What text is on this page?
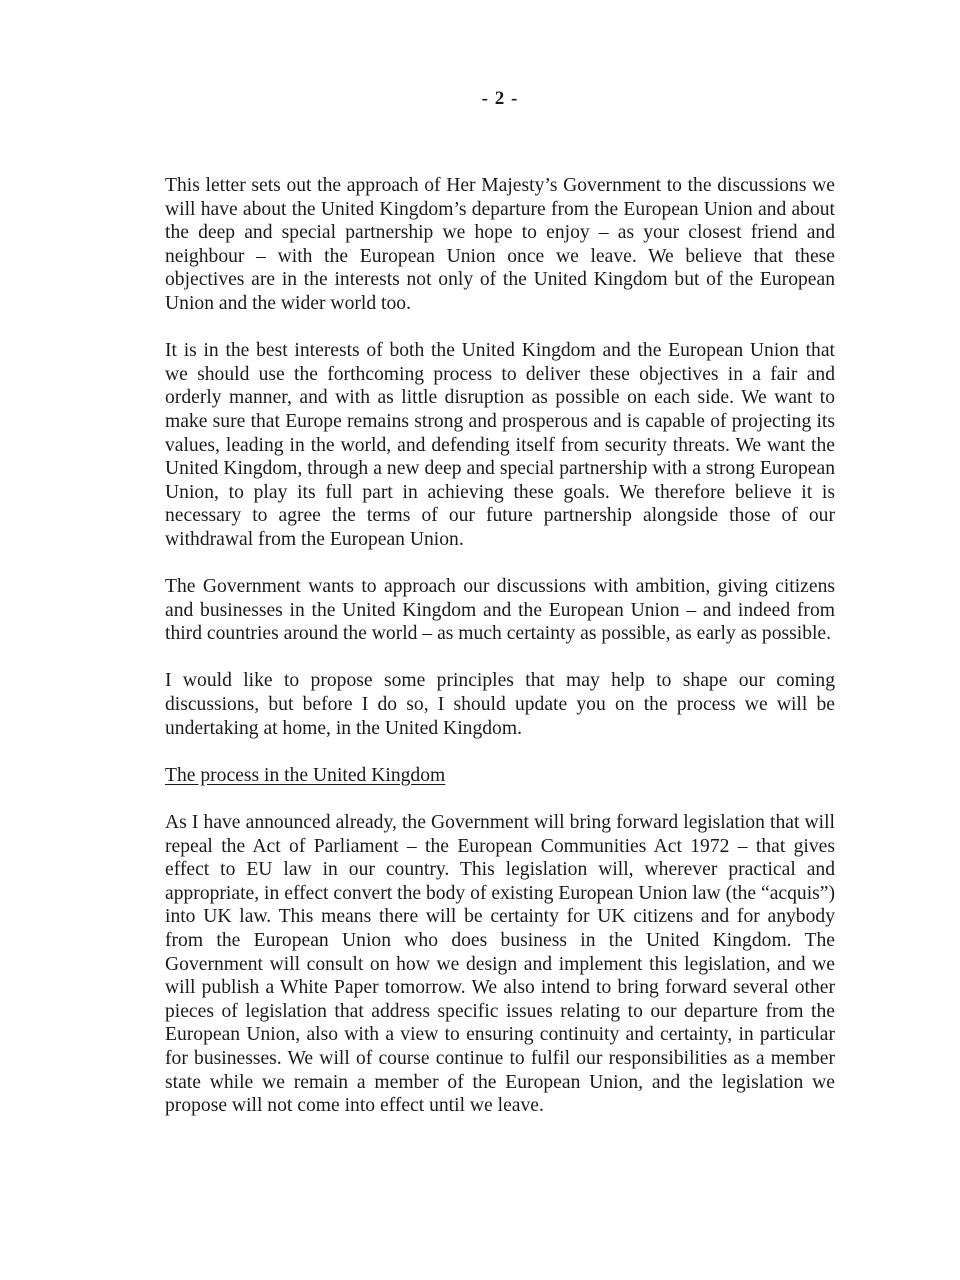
- 2 -

This letter sets out the approach of Her Majesty’s Government to the discussions we will have about the United Kingdom’s departure from the European Union and about the deep and special partnership we hope to enjoy – as your closest friend and neighbour – with the European Union once we leave. We believe that these objectives are in the interests not only of the United Kingdom but of the European Union and the wider world too.

It is in the best interests of both the United Kingdom and the European Union that we should use the forthcoming process to deliver these objectives in a fair and orderly manner, and with as little disruption as possible on each side. We want to make sure that Europe remains strong and prosperous and is capable of projecting its values, leading in the world, and defending itself from security threats. We want the United Kingdom, through a new deep and special partnership with a strong European Union, to play its full part in achieving these goals. We therefore believe it is necessary to agree the terms of our future partnership alongside those of our withdrawal from the European Union.

The Government wants to approach our discussions with ambition, giving citizens and businesses in the United Kingdom and the European Union – and indeed from third countries around the world – as much certainty as possible, as early as possible.

I would like to propose some principles that may help to shape our coming discussions, but before I do so, I should update you on the process we will be undertaking at home, in the United Kingdom.

The process in the United Kingdom

As I have announced already, the Government will bring forward legislation that will repeal the Act of Parliament – the European Communities Act 1972 – that gives effect to EU law in our country. This legislation will, wherever practical and appropriate, in effect convert the body of existing European Union law (the “acquis”) into UK law. This means there will be certainty for UK citizens and for anybody from the European Union who does business in the United Kingdom. The Government will consult on how we design and implement this legislation, and we will publish a White Paper tomorrow. We also intend to bring forward several other pieces of legislation that address specific issues relating to our departure from the European Union, also with a view to ensuring continuity and certainty, in particular for businesses. We will of course continue to fulfil our responsibilities as a member state while we remain a member of the European Union, and the legislation we propose will not come into effect until we leave.
